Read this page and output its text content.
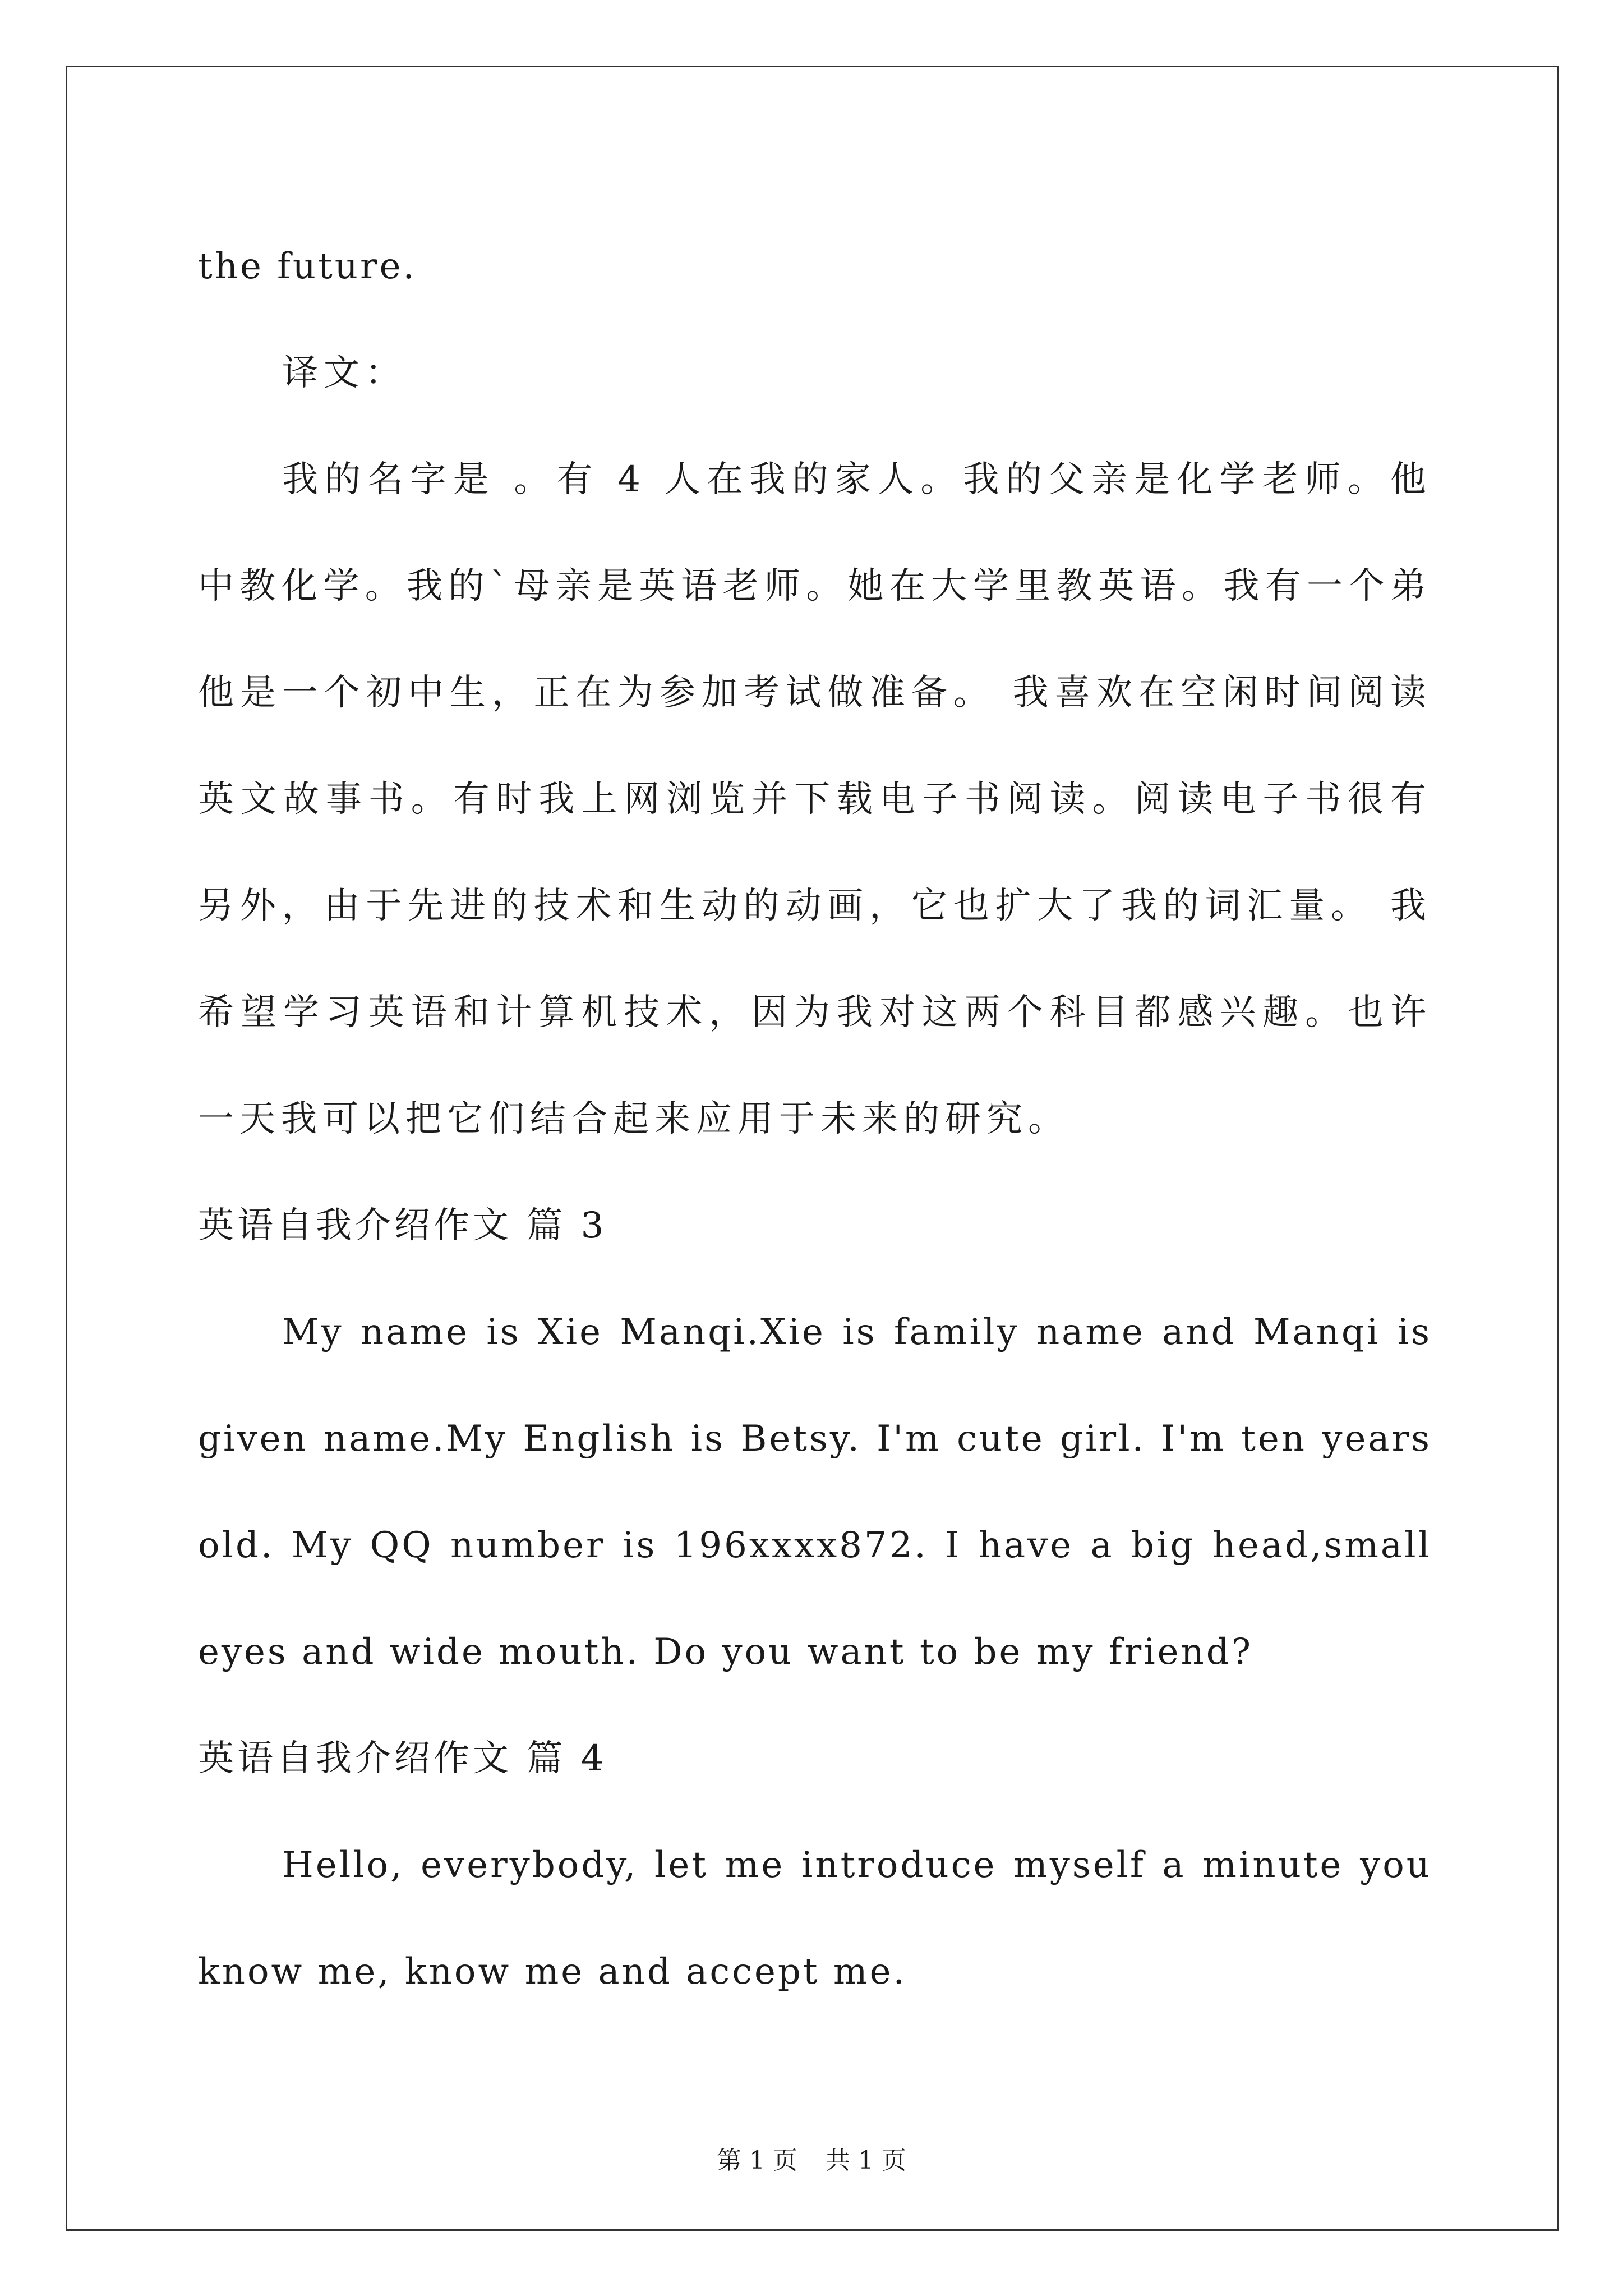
the future.
译文：
我的名字是 。有 4 人在我的家人。我的父亲是化学老师。他
中教化学。我的`母亲是英语老师。她在大学里教英语。我有一个弟
他是一个初中生，正在为参加考试做准备。 我喜欢在空闲时间阅读
英文故事书。有时我上网浏览并下载电子书阅读。阅读电子书很有
另外，由于先进的技术和生动的动画，它也扩大了我的词汇量。 我
希望学习英语和计算机技术，因为我对这两个科目都感兴趣。也许
一天我可以把它们结合起来应用于未来的研究。
英语自我介绍作文 篇 3
My name is Xie Manqi.Xie is family name and Manqi is
given name.My English is Betsy. I'm cute girl. I'm ten years
old. My QQ number is 196xxxx872. I have a big head,small
eyes and wide mouth. Do you want to be my friend?
英语自我介绍作文 篇 4
Hello, everybody, let me introduce myself a minute you
know me, know me and accept me.
第 1 页 共 1 页
